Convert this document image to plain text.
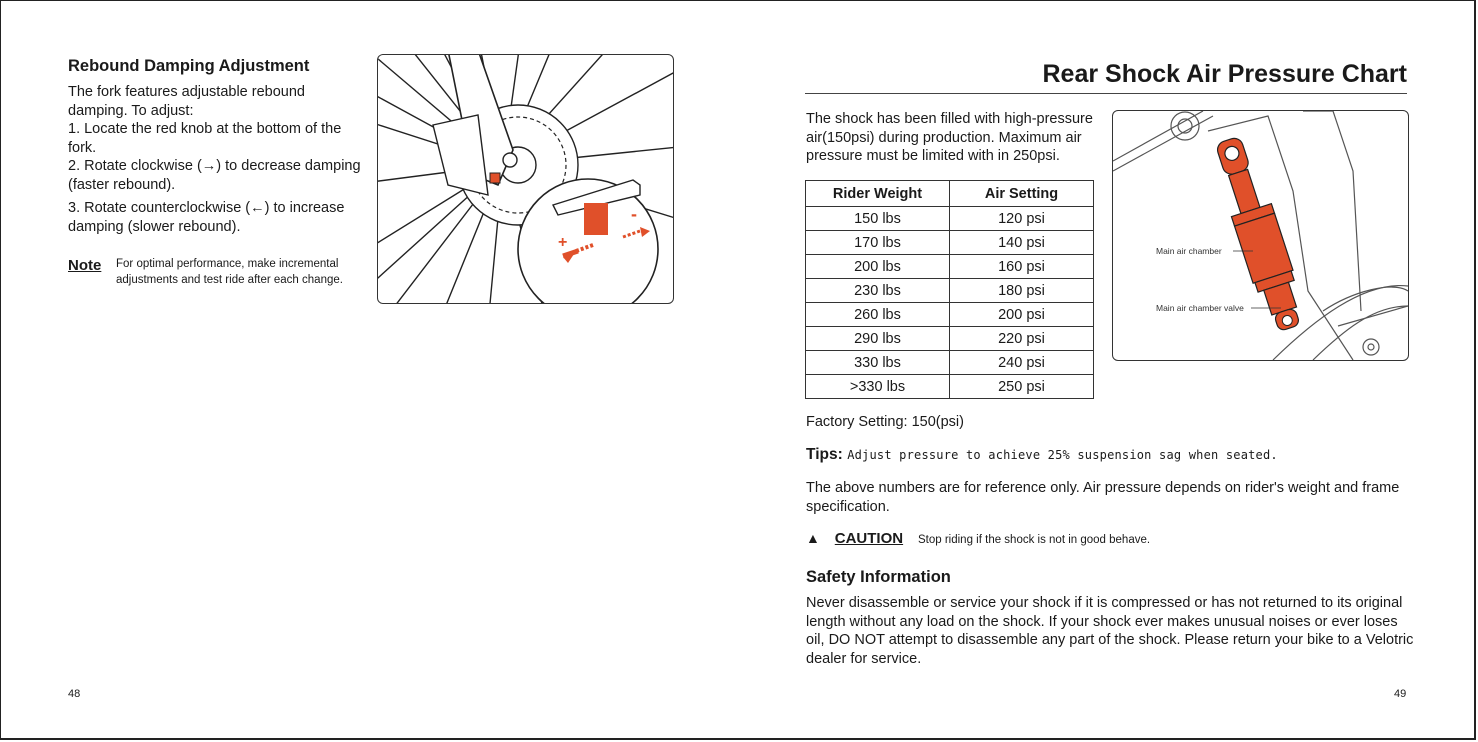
Rebound Damping Adjustment
The fork features adjustable rebound
damping. To adjust:
1. Locate the red knob at the bottom of the
fork.
2. Rotate clockwise (→) to decrease damping
(faster rebound).
3. Rotate counterclockwise (←) to increase
damping (slower rebound).
Note For optimal performance, make incremental
adjustments and test ride after each change.
+
-
48
Rear Shock Air Pressure Chart
The shock has been filled with high-pressure
air(150psi) during production. Maximum air
pressure must be limited with in 250psi.
Rider Weight	Air Setting
150 lbs	120 psi
170 lbs	140 psi
200 lbs	160 psi
230 lbs	180 psi
260 lbs	200 psi
290 lbs	220 psi
330 lbs	240 psi
>330 lbs	250 psi
Main air chamber
Main air chamber valve
Factory Setting: 150(psi)
Tips: Adjust pressure to achieve 25% suspension sag when seated.
The above numbers are for reference only. Air pressure depends on rider's weight and frame
specification.
▲ CAUTION Stop riding if the shock is not in good behave.
Safety Information
Never disassemble or service your shock if it is compressed or has not returned to its original
length without any load on the shock. If your shock ever makes unusual noises or ever loses
oil, DO NOT attempt to disassemble any part of the shock. Please return your bike to a Velotric
dealer for service.
49
